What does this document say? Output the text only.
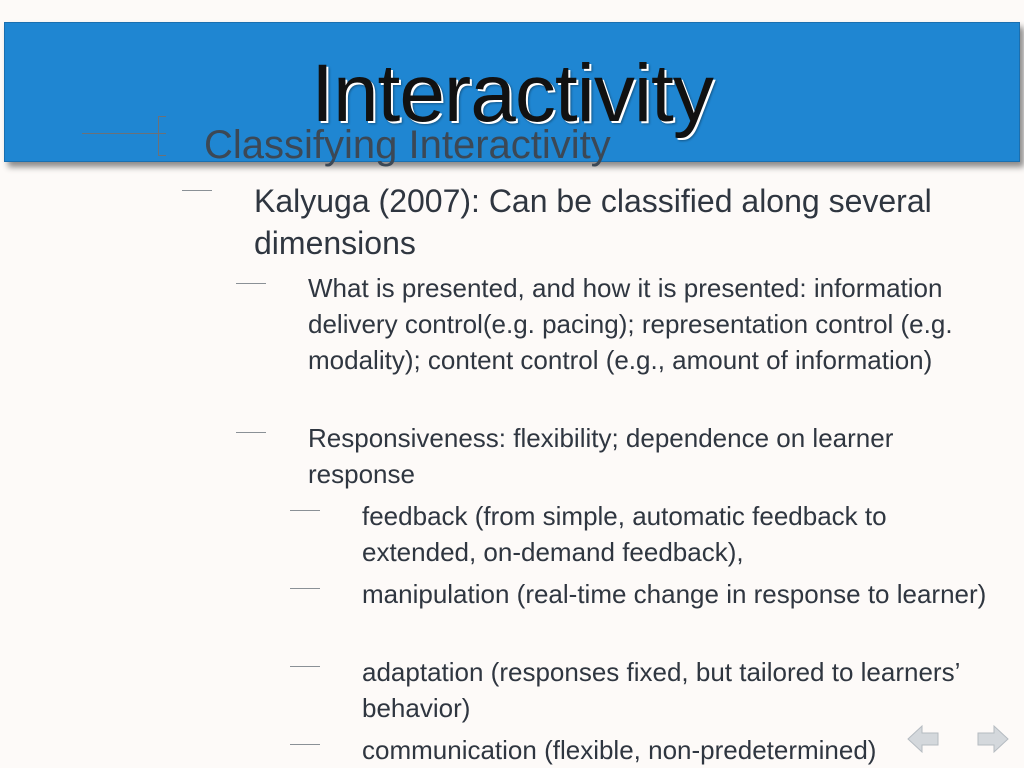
Classifying Interactivity
Interactivity
Kalyuga (2007): Can be classified along several dimensions
What is presented, and how it is presented: information delivery control(e.g. pacing); representation control (e.g. modality); content control (e.g., amount of information)
Responsiveness: flexibility; dependence on learner response
feedback (from simple, automatic feedback to extended, on-demand feedback),
manipulation (real-time change in response to learner)
adaptation (responses fixed, but tailored to learners’ behavior)
communication (flexible, non-predetermined)
